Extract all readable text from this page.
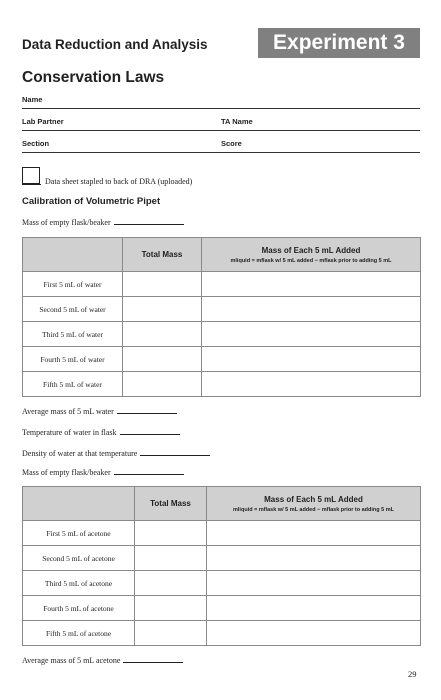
Data Reduction and Analysis	Experiment 3
Conservation Laws
Name
Lab Partner	TA Name
Section	Score
Data sheet stapled to back of DRA (uploaded)
Calibration of Volumetric Pipet
Mass of empty flask/beaker
	Total Mass	Mass of Each 5 mL Added
mliquid = mflask w/ 5 mL added − mflask prior to adding 5 mL

First 5 mL of water		
Second 5 mL of water		
Third 5 mL of water		
Fourth 5 mL of water		
Fifth 5 mL of water		
Average mass of 5 mL water
Temperature of water in flask
Density of water at that temperature
Mass of empty flask/beaker
	Total Mass	Mass of Each 5 mL Added
mliquid = mflask w/ 5 mL added − mflask prior to adding 5 mL

First 5 mL of acetone		
Second 5 mL of acetone		
Third 5 mL of acetone		
Fourth 5 mL of acetone		
Fifth 5 mL of acetone		
Average mass of 5 mL acetone
29
